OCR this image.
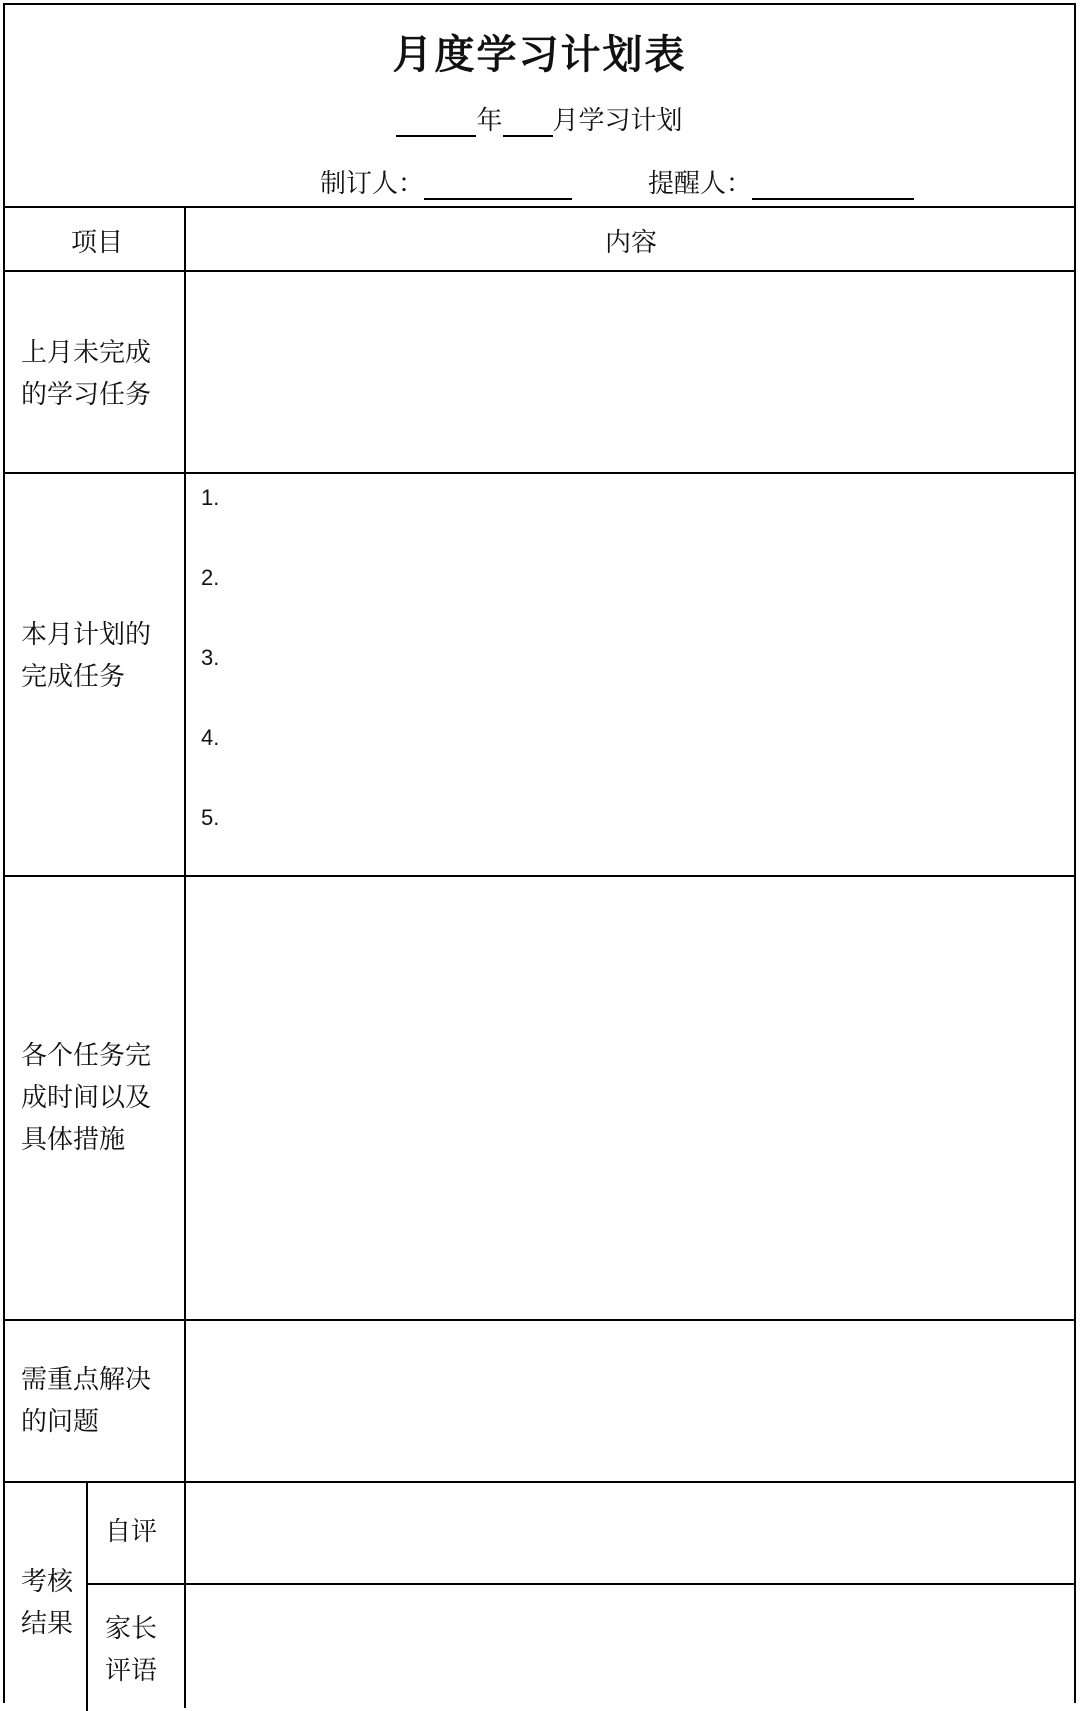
月度学习计划表
年 月学习计划
制订人：	提醒人：
项目	内容
上月未完成的学习任务
本月计划的完成任务
各个任务完成时间以及具体措施
需重点解决的问题
考核结果
自评
家长评语
1.
2.
3.
4.
5.
